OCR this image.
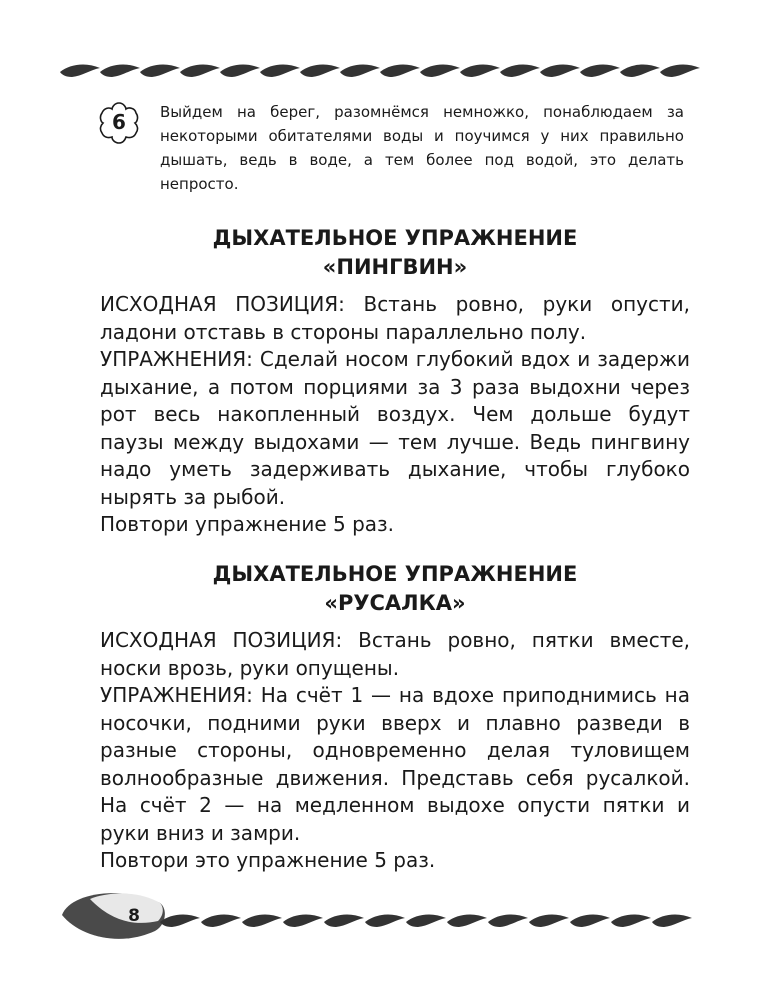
6	Выйдем на берег, разомнёмся немножко, понаблюдаем за некоторыми обитателями воды и поучимся у них правильно дышать, ведь в воде, а тем более под водой, это делать непросто.
ДЫХАТЕЛЬНОЕ УПРАЖНЕНИЕ
«ПИНГВИН»

ИСХОДНАЯ ПОЗИЦИЯ: Встань ровно, руки опусти, ладони отставь в стороны параллельно полу.

УПРАЖНЕНИЯ: Сделай носом глубокий вдох и задержи дыхание, а потом порциями за 3 раза выдохни через рот весь накопленный воздух. Чем дольше будут паузы между выдохами — тем лучше. Ведь пингвину надо уметь задерживать дыхание, чтобы глубоко нырять за рыбой.

Повтори упражнение 5 раз.

ДЫХАТЕЛЬНОЕ УПРАЖНЕНИЕ
«РУСАЛКА»

ИСХОДНАЯ ПОЗИЦИЯ: Встань ровно, пятки вместе, носки врозь, руки опущены.

УПРАЖНЕНИЯ: На счёт 1 — на вдохе приподнимись на носочки, подними руки вверх и плавно разведи в разные стороны, одновременно делая туловищем волнообразные движения. Представь себя русалкой. На счёт 2 — на медленном выдохе опусти пятки и руки вниз и замри.

Повтори это упражнение 5 раз.

8
